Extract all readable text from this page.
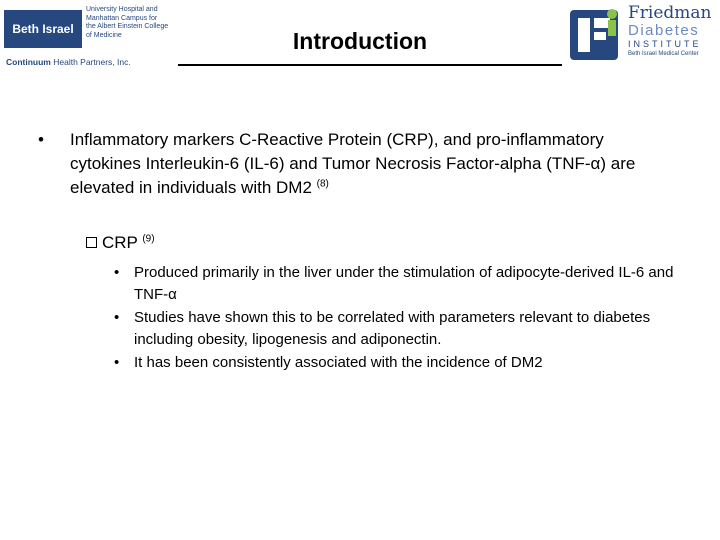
Beth Israel
University Hospital and
Manhattan Campus for
the Albert Einstein College
of Medicine
Continuum Health Partners, Inc.
Introduction
Friedman
Diabetes
INSTITUTE
Beth Israel Medical Center
• Inflammatory markers C-Reactive Protein (CRP), and pro-inflammatory cytokines Interleukin-6 (IL-6) and Tumor Necrosis Factor-alpha (TNF-α) are elevated in individuals with DM2 $^{(8)}$
CRP $^{(9)}$
• Produced primarily in the liver under the stimulation of adipocyte-derived IL-6 and TNF-α
• Studies have shown this to be correlated with parameters relevant to diabetes including obesity, lipogenesis and adiponectin.
• It has been consistently associated with the incidence of DM2
